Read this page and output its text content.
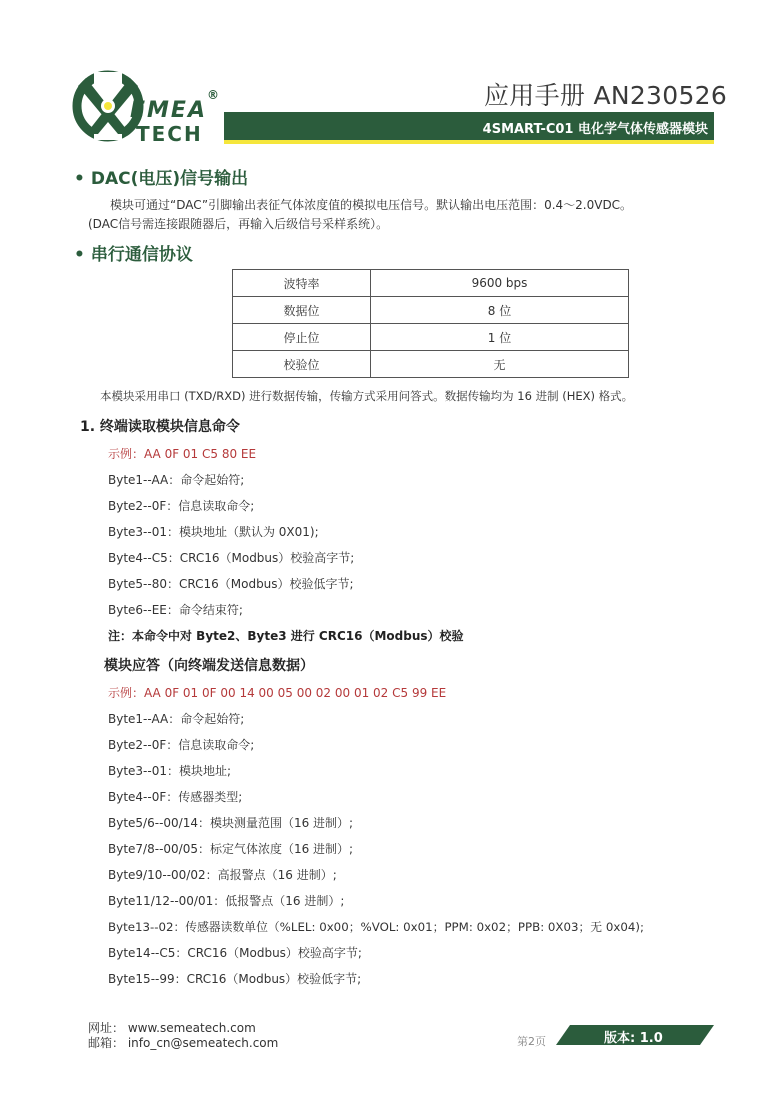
EMEA
TECH
®	应用手册 AN230526
4SMART-C01 电化学气体传感器模块
• DAC(电压)信号输出
模块可通过“DAC”引脚输出表征气体浓度值的模拟电压信号。默认输出电压范围：0.4～2.0VDC。
(DAC信号需连接跟随器后，再输入后级信号采样系统）。
• 串行通信协议
波特率	9600 bps
数据位	8 位
停止位	1 位
校验位	无
本模块采用串口 (TXD/RXD) 进行数据传输，传输方式采用问答式。数据传输均为 16 进制 (HEX) 格式。
1. 终端读取模块信息命令
示例：AA 0F 01 C5 80 EE
Byte1--AA：命令起始符;
Byte2--0F：信息读取命令;
Byte3--01：模块地址（默认为 0X01);
Byte4--C5：CRC16（Modbus）校验高字节;
Byte5--80：CRC16（Modbus）校验低字节;
Byte6--EE：命令结束符;
注：本命令中对 Byte2、Byte3 进行 CRC16（Modbus）校验
模块应答（向终端发送信息数据）
示例：AA 0F 01 0F 00 14 00 05 00 02 00 01 02 C5 99 EE
Byte1--AA：命令起始符;
Byte2--0F：信息读取命令;
Byte3--01：模块地址;
Byte4--0F：传感器类型;
Byte5/6--00/14：模块测量范围（16 进制）;
Byte7/8--00/05：标定气体浓度（16 进制）;
Byte9/10--00/02：高报警点（16 进制）;
Byte11/12--00/01：低报警点（16 进制）;
Byte13--02：传感器读数单位（%LEL: 0x00；%VOL: 0x01；PPM: 0x02；PPB: 0X03；无 0x04);
Byte14--C5：CRC16（Modbus）校验高字节;
Byte15--99：CRC16（Modbus）校验低字节;
网址： www.semeatech.com
邮箱： info_cn@semeatech.com	第2页	版本: 1.0
